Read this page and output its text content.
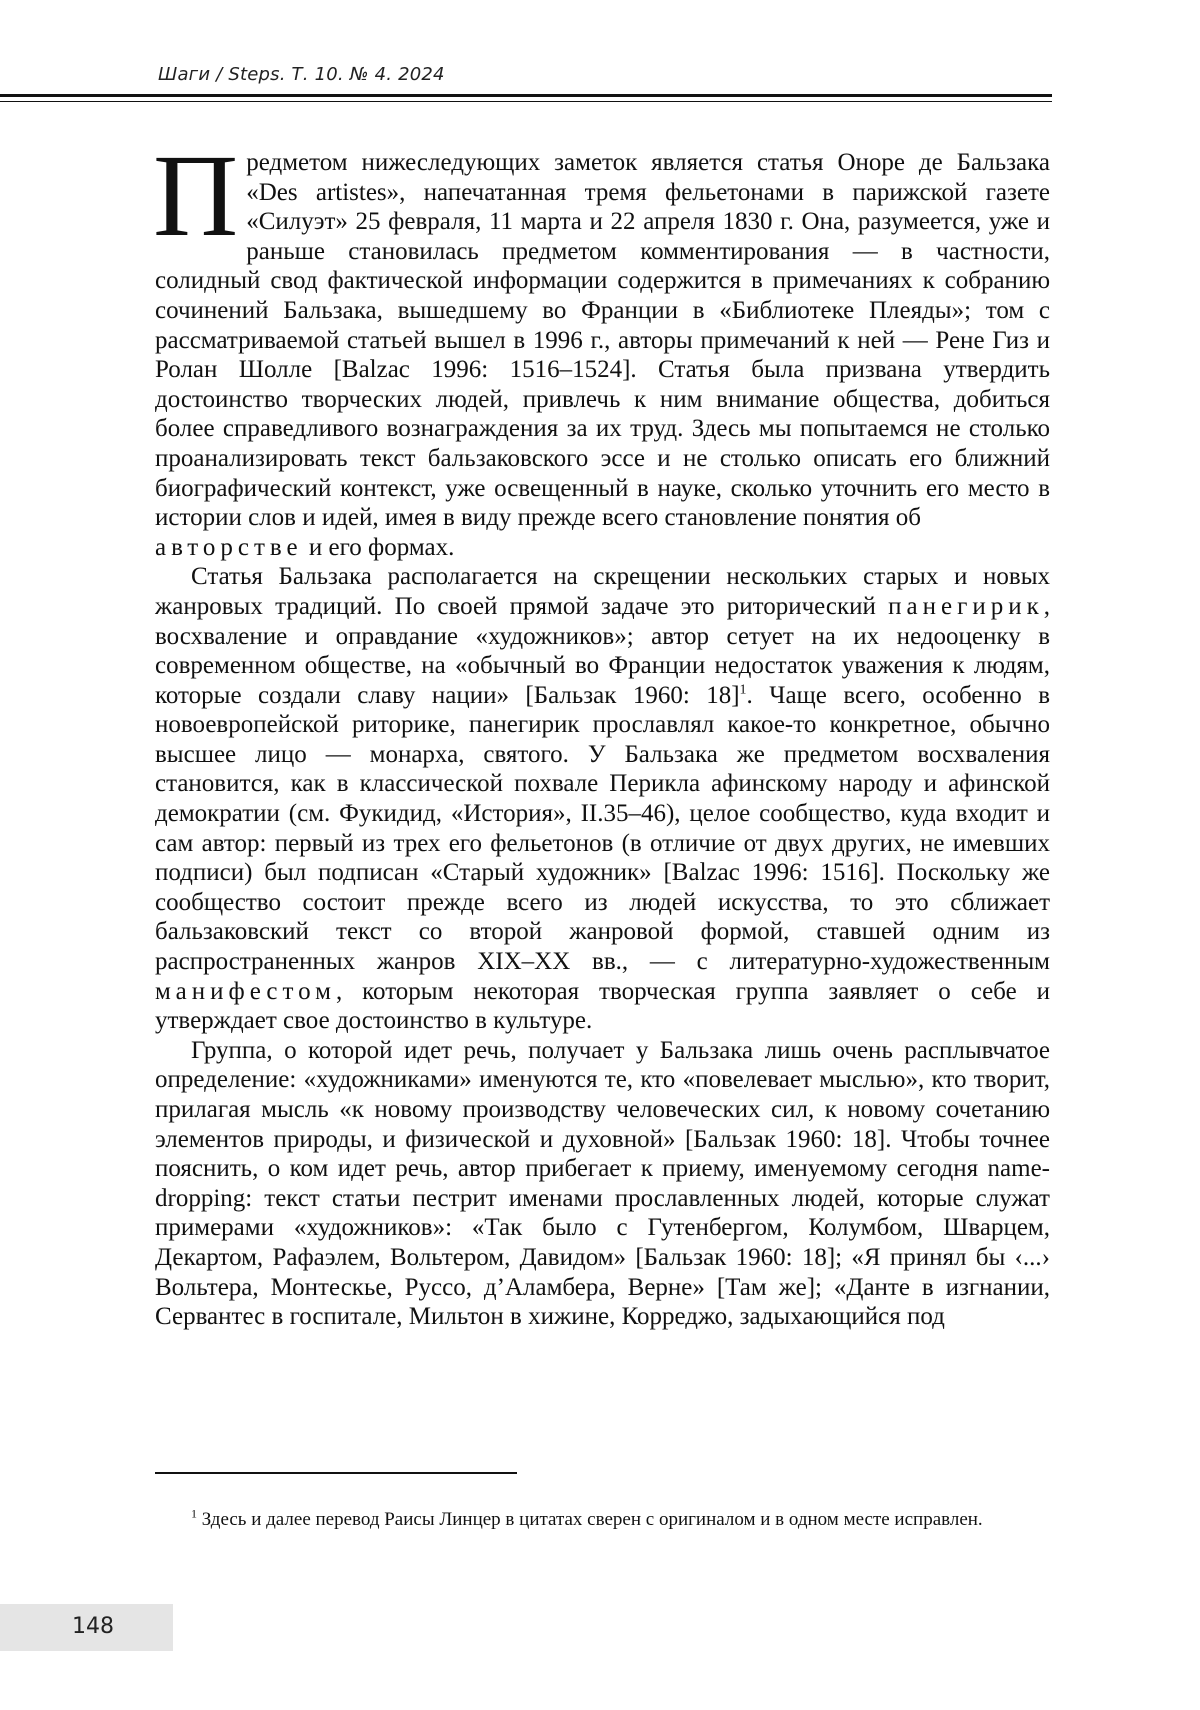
Шаги / Steps. Т. 10. № 4. 2024

П редметом нижеследующих заметок является статья Оноре де Бальзака «Des artistes», напечатанная тремя фельетонами в парижской газете «Силуэт» 25 февраля, 11 марта и 22 апреля 1830 г. Она, разумеется, уже и раньше становилась предметом комментирования — в частности, солидный свод фактической информации содержится в примечаниях к собранию сочинений Бальзака, вышедшему во Франции в «Библиотеке Плеяды»; том с рассматриваемой статьей вышел в 1996 г., авторы примечаний к ней — Рене Гиз и Ролан Шолле [Balzac 1996: 1516–1524]. Статья была призвана утвердить достоинство творческих людей, привлечь к ним внимание общества, добиться более справедливого вознаграждения за их труд. Здесь мы попытаемся не столько проанализировать текст бальзаковского эссе и не столько описать его ближний биографический контекст, уже освещенный в науке, сколько уточнить его место в истории слов и идей, имея в виду прежде всего становление понятия об
авторстве и его формах.

Статья Бальзака располагается на скрещении нескольких старых и новых жанровых традиций. По своей прямой задаче это риторический панегирик, восхваление и оправдание «художников»; автор сетует на их недооценку в современном обществе, на «обычный во Франции недостаток уважения к людям, которые создали славу нации» [Бальзак 1960: 18]1. Чаще всего, особенно в новоевропейской риторике, панегирик прославлял какое-то конкретное, обычно высшее лицо — монарха, святого. У Бальзака же предметом восхваления становится, как в классической похвале Перикла афинскому народу и афинской демократии (см. Фукидид, «История», II.35–46), целое сообщество, куда входит и сам автор: первый из трех его фельетонов (в отличие от двух других, не имевших подписи) был подписан «Старый художник» [Balzac 1996: 1516]. Поскольку же сообщество состоит прежде всего из людей искусства, то это сближает бальзаковский текст со второй жанровой формой, ставшей одним из распространенных жанров XIX–XX вв., — с литературно-художественным манифестом, которым некоторая творческая группа заявляет о себе и утверждает свое достоинство в культуре.

Группа, о которой идет речь, получает у Бальзака лишь очень расплывчатое определение: «художниками» именуются те, кто «повелевает мыслью», кто творит, прилагая мысль «к новому производству человеческих сил, к новому сочетанию элементов природы, и физической и духовной» [Бальзак 1960: 18]. Чтобы точнее пояснить, о ком идет речь, автор прибегает к приему, именуемому сегодня name-dropping: текст статьи пестрит именами прославленных людей, которые служат примерами «художников»: «Так было с Гутенбергом, Колумбом, Шварцем, Декартом, Рафаэлем, Вольтером, Давидом» [Бальзак 1960: 18]; «Я принял бы ‹...› Вольтера, Монтескье, Руссо, д’Аламбера, Верне» [Там же]; «Данте в изгнании, Сервантес в госпитале, Мильтон в хижине, Корреджо, задыхающийся под

1 Здесь и далее перевод Раисы Линцер в цитатах сверен с оригиналом и в одном месте исправлен.
148
